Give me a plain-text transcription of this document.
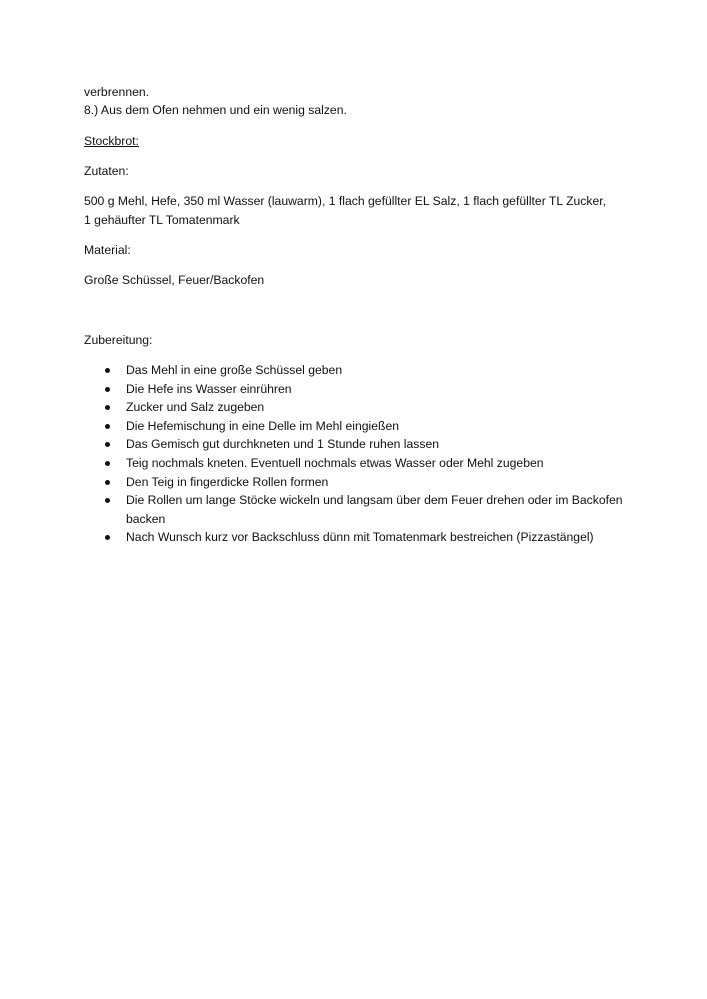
verbrennen.
8.) Aus dem Ofen nehmen und ein wenig salzen.
Stockbrot:
Zutaten:
500 g Mehl, Hefe, 350 ml Wasser (lauwarm), 1 flach gefüllter EL Salz, 1 flach gefüllter TL Zucker, 1 gehäufter TL Tomatenmark
Material:
Große Schüssel, Feuer/Backofen
Zubereitung:
Das Mehl in eine große Schüssel geben
Die Hefe ins Wasser einrühren
Zucker und Salz zugeben
Die Hefemischung in eine Delle im Mehl eingießen
Das Gemisch gut durchkneten und 1 Stunde ruhen lassen
Teig nochmals kneten. Eventuell nochmals etwas Wasser oder Mehl zugeben
Den Teig in fingerdicke Rollen formen
Die Rollen um lange Stöcke wickeln und langsam über dem Feuer drehen oder im Backofen backen
Nach Wunsch kurz vor Backschluss dünn mit Tomatenmark bestreichen (Pizzastängel)
